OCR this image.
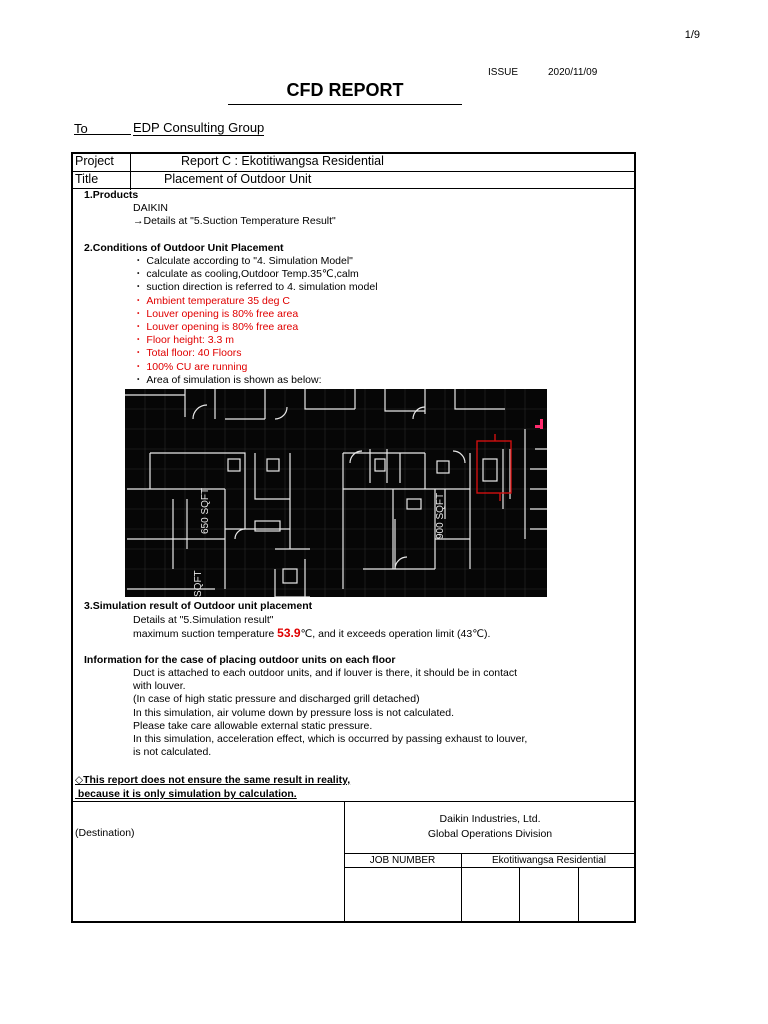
1/9
ISSUE	2020/11/09
CFD REPORT
To	EDP Consulting Group
Project	Report C : Ekotitiwangsa Residential
Title	Placement of Outdoor Unit
1.Products
DAIKIN
→Details at "5.Suction Temperature Result"
2.Conditions of Outdoor Unit Placement
・ Calculate according to "4. Simulation Model"
・ calculate as cooling,Outdoor Temp.35℃,calm
・ suction direction is referred to 4. simulation model
・ Ambient temperature 35 deg C
・ Louver opening is 80% free area
・ Louver opening is 80% free area
・ Floor height: 3.3 m
・ Total floor: 40 Floors
・ 100% CU are running
・ Area of simulation is shown as below:
650 SQFT	900 SQFT
SQFT
3.Simulation result of Outdoor unit placement
Details at "5.Simulation result"
maximum suction temperature 53.9℃, and it exceeds operation limit (43℃).
Information for the case of placing outdoor units on each floor
Duct is attached to each outdoor units, and if louver is there, it should be in contact
with louver.
(In case of high static pressure and discharged grill detached)
In this simulation, air volume down by pressure loss is not calculated.
Please take care allowable external static pressure.
In this simulation, acceleration effect, which is occurred by passing exhaust to louver,
is not calculated.
◇This report does not ensure the same result in reality,
because it is only simulation by calculation.
(Destination)
Daikin Industries, Ltd.
Global Operations Division
JOB NUMBER	Ekotitiwangsa Residential
